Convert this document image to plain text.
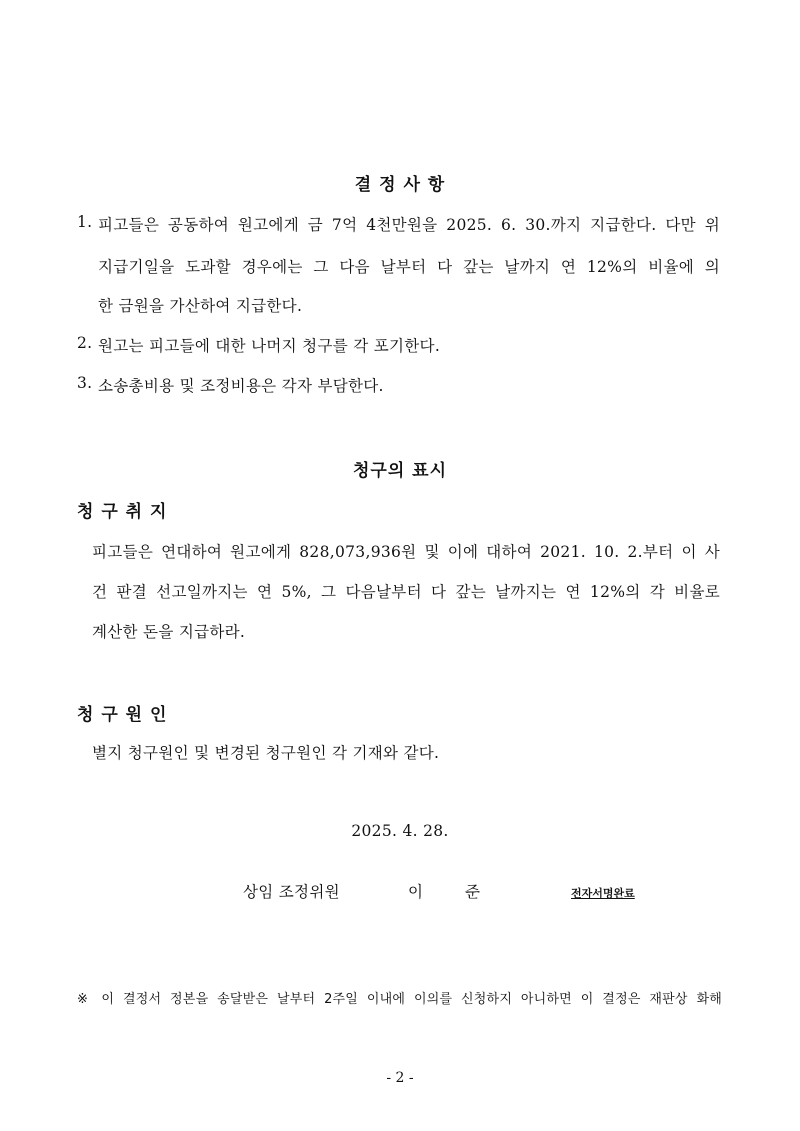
결 정 사 항
1. 피고들은 공동하여 원고에게 금 7억 4천만원을 2025. 6. 30.까지 지급한다. 다만 위
지급기일을 도과할 경우에는 그 다음 날부터 다 갚는 날까지 연 12%의 비율에 의
한 금원을 가산하여 지급한다.
2. 원고는 피고들에 대한 나머지 청구를 각 포기한다.
3. 소송총비용 및 조정비용은 각자 부담한다.
청구의 표시
청 구 취 지
피고들은 연대하여 원고에게 828,073,936원 및 이에 대하여 2021. 10. 2.부터 이 사
건 판결 선고일까지는 연 5%, 그 다음날부터 다 갚는 날까지는 연 12%의 각 비율로
계산한 돈을 지급하라.
청 구 원 인
별지 청구원인 및 변경된 청구원인 각 기재와 같다.
2025. 4. 28.
상임 조정위원	이	준	전자서명완료
※ 이 결정서 정본을 송달받은 날부터 2주일 이내에 이의를 신청하지 아니하면 이 결정은 재판상 화해
- 2 -
